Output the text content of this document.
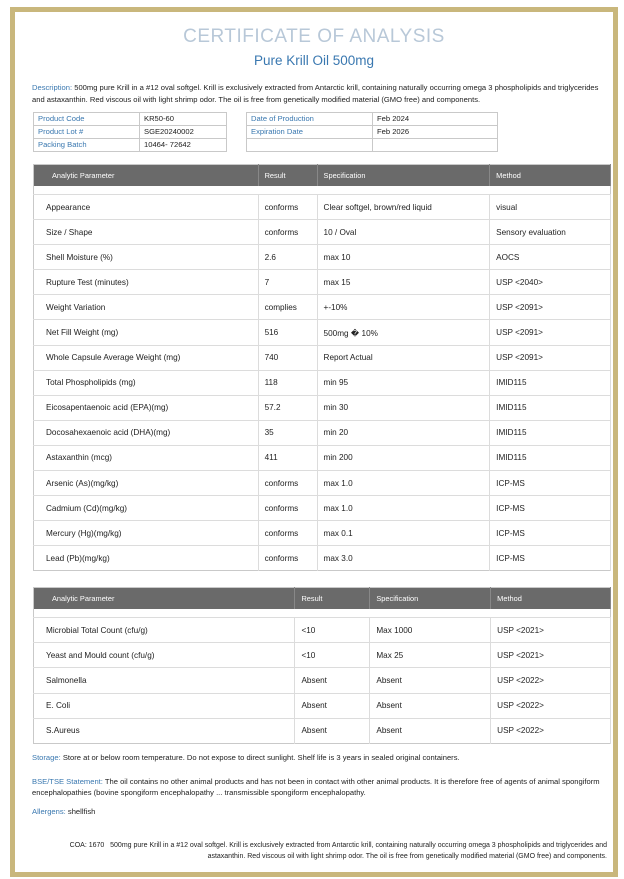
CERTIFICATE OF ANALYSIS
Pure Krill Oil 500mg
Description: 500mg pure Krill in a #12 oval softgel. Krill is exclusively extracted from Antarctic krill, containing naturally occurring omega 3 phospholipids and triglycerides and astaxanthin. Red viscous oil with light shrimp odor. The oil is free from genetically modified material (GMO free) and components.
Product Code	KR50-60
Product Lot #	SGE20240002
Packing Batch	10464- 72642
Date of Production	Feb 2024
Expiration Date	Feb 2026

Analytic Parameter	Result	Specification	Method

Appearance	conforms	Clear softgel, brown/red liquid	visual
Size / Shape	conforms	10 / Oval	Sensory evaluation
Shell Moisture (%)	2.6	max 10	AOCS
Rupture Test (minutes)	7	max 15	USP <2040>
Weight Variation	complies	+-10%	USP <2091>
Net Fill Weight (mg)	516	500mg � 10%	USP <2091>
Whole Capsule Average Weight (mg)	740	Report Actual	USP <2091>
Total Phospholipids (mg)	118	min 95	IMID115
Eicosapentaenoic acid (EPA)(mg)	57.2	min 30	IMID115
Docosahexaenoic acid (DHA)(mg)	35	min 20	IMID115
Astaxanthin (mcg)	411	min 200	IMID115
Arsenic (As)(mg/kg)	conforms	max 1.0	ICP-MS
Cadmium (Cd)(mg/kg)	conforms	max 1.0	ICP-MS
Mercury (Hg)(mg/kg)	conforms	max 0.1	ICP-MS
Lead (Pb)(mg/kg)	conforms	max 3.0	ICP-MS
Analytic Parameter	Result	Specification	Method

Microbial Total Count (cfu/g)	<10	Max 1000	USP <2021>
Yeast and Mould count (cfu/g)	<10	Max 25	USP <2021>
Salmonella	Absent	Absent	USP <2022>
E. Coli	Absent	Absent	USP <2022>
S.Aureus	Absent	Absent	USP <2022>
Storage: Store at or below room temperature. Do not expose to direct sunlight. Shelf life is 3 years in sealed original containers.
BSE/TSE Statement: The oil contains no other animal products and has not been in contact with other animal products. It is therefore free of agents of animal spongiform encephalopathies (bovine spongiform encephalopathy ... transmissible spongiform encephalopathy.
Allergens: shellfish
COA: 1670 500mg pure Krill in a #12 oval softgel. Krill is exclusively extracted from Antarctic krill, containing naturally occurring omega 3 phospholipids and triglycerides and astaxanthin. Red viscous oil with light shrimp odor. The oil is free from genetically modified material (GMO free) and components.
